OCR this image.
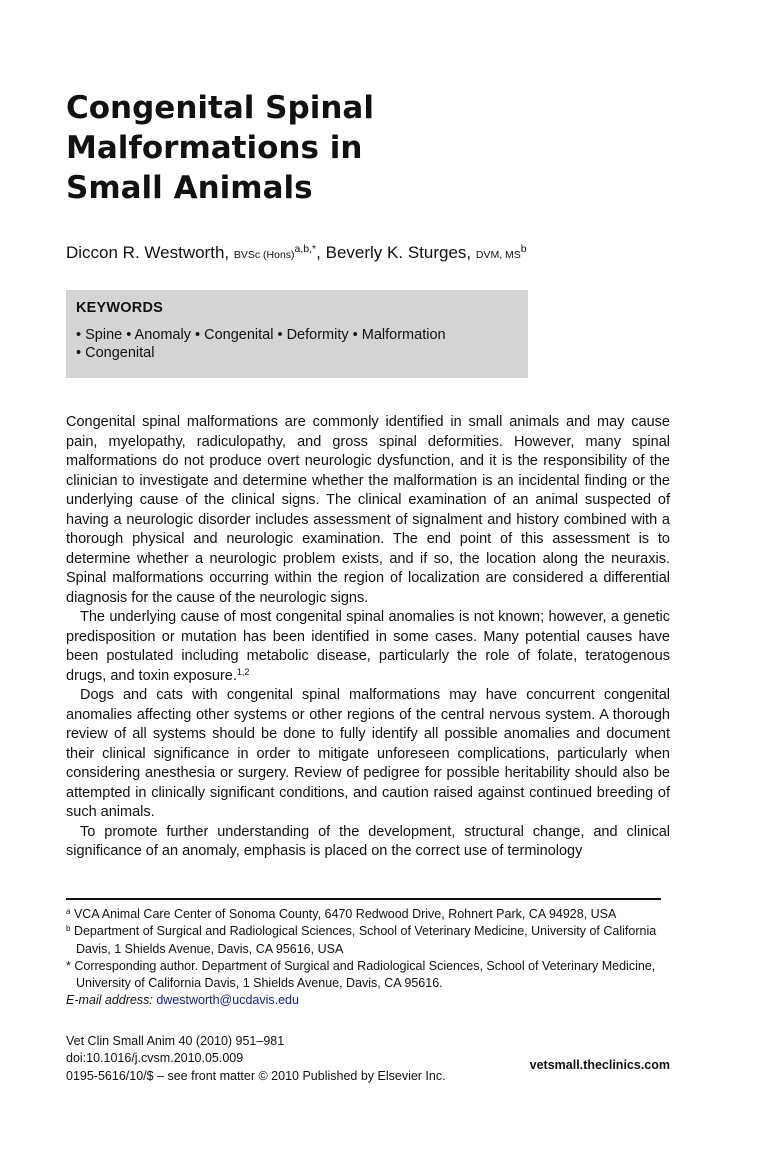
Congenital Spinal
Malformations in
Small Animals
Diccon R. Westworth, BVSc (Hons)$^{a,b,*}$, Beverly K. Sturges, DVM, $MS^b$
KEYWORDS
• Spine • Anomaly • Congenital • Deformity • Malformation
• Congenital

Congenital spinal malformations are commonly identified in small animals and may cause pain, myelopathy, radiculopathy, and gross spinal deformities. However, many spinal malformations do not produce overt neurologic dysfunction, and it is the responsibility of the clinician to investigate and determine whether the malformation is an incidental finding or the underlying cause of the clinical signs. The clinical examination of an animal suspected of having a neurologic disorder includes assessment of signalment and history combined with a thorough physical and neurologic examination. The end point of this assessment is to determine whether a neurologic problem exists, and if so, the location along the neuraxis. Spinal malformations occurring within the region of localization are considered a differential diagnosis for the cause of the neurologic signs.

The underlying cause of most congenital spinal anomalies is not known; however, a genetic predisposition or mutation has been identified in some cases. Many potential causes have been postulated including metabolic disease, particularly the role of folate, teratogenous drugs, and toxin exposure.$^{1,2}$

Dogs and cats with congenital spinal malformations may have concurrent congenital anomalies affecting other systems or other regions of the central nervous system. A thorough review of all systems should be done to fully identify all possible anomalies and document their clinical significance in order to mitigate unforeseen complications, particularly when considering anesthesia or surgery. Review of pedigree for possible heritability should also be attempted in clinically significant conditions, and caution raised against continued breeding of such animals.

To promote further understanding of the development, structural change, and clinical significance of an anomaly, emphasis is placed on the correct use of terminology

$^a$ VCA Animal Care Center of Sonoma County, 6470 Redwood Drive, Rohnert Park, CA 94928, USA

$^b$ Department of Surgical and Radiological Sciences, School of Veterinary Medicine, University of California Davis, 1 Shields Avenue, Davis, CA 95616, USA

* Corresponding author. Department of Surgical and Radiological Sciences, School of Veterinary Medicine, University of California Davis, 1 Shields Avenue, Davis, CA 95616.

E-mail address: dwestworth@ucdavis.edu

Vet Clin Small Anim 40 (2010) 951–981
doi:10.1016/j.cvsm.2010.05.009
0195-5616/10/$ – see front matter © 2010 Published by Elsevier Inc.
vetsmall.theclinics.com
